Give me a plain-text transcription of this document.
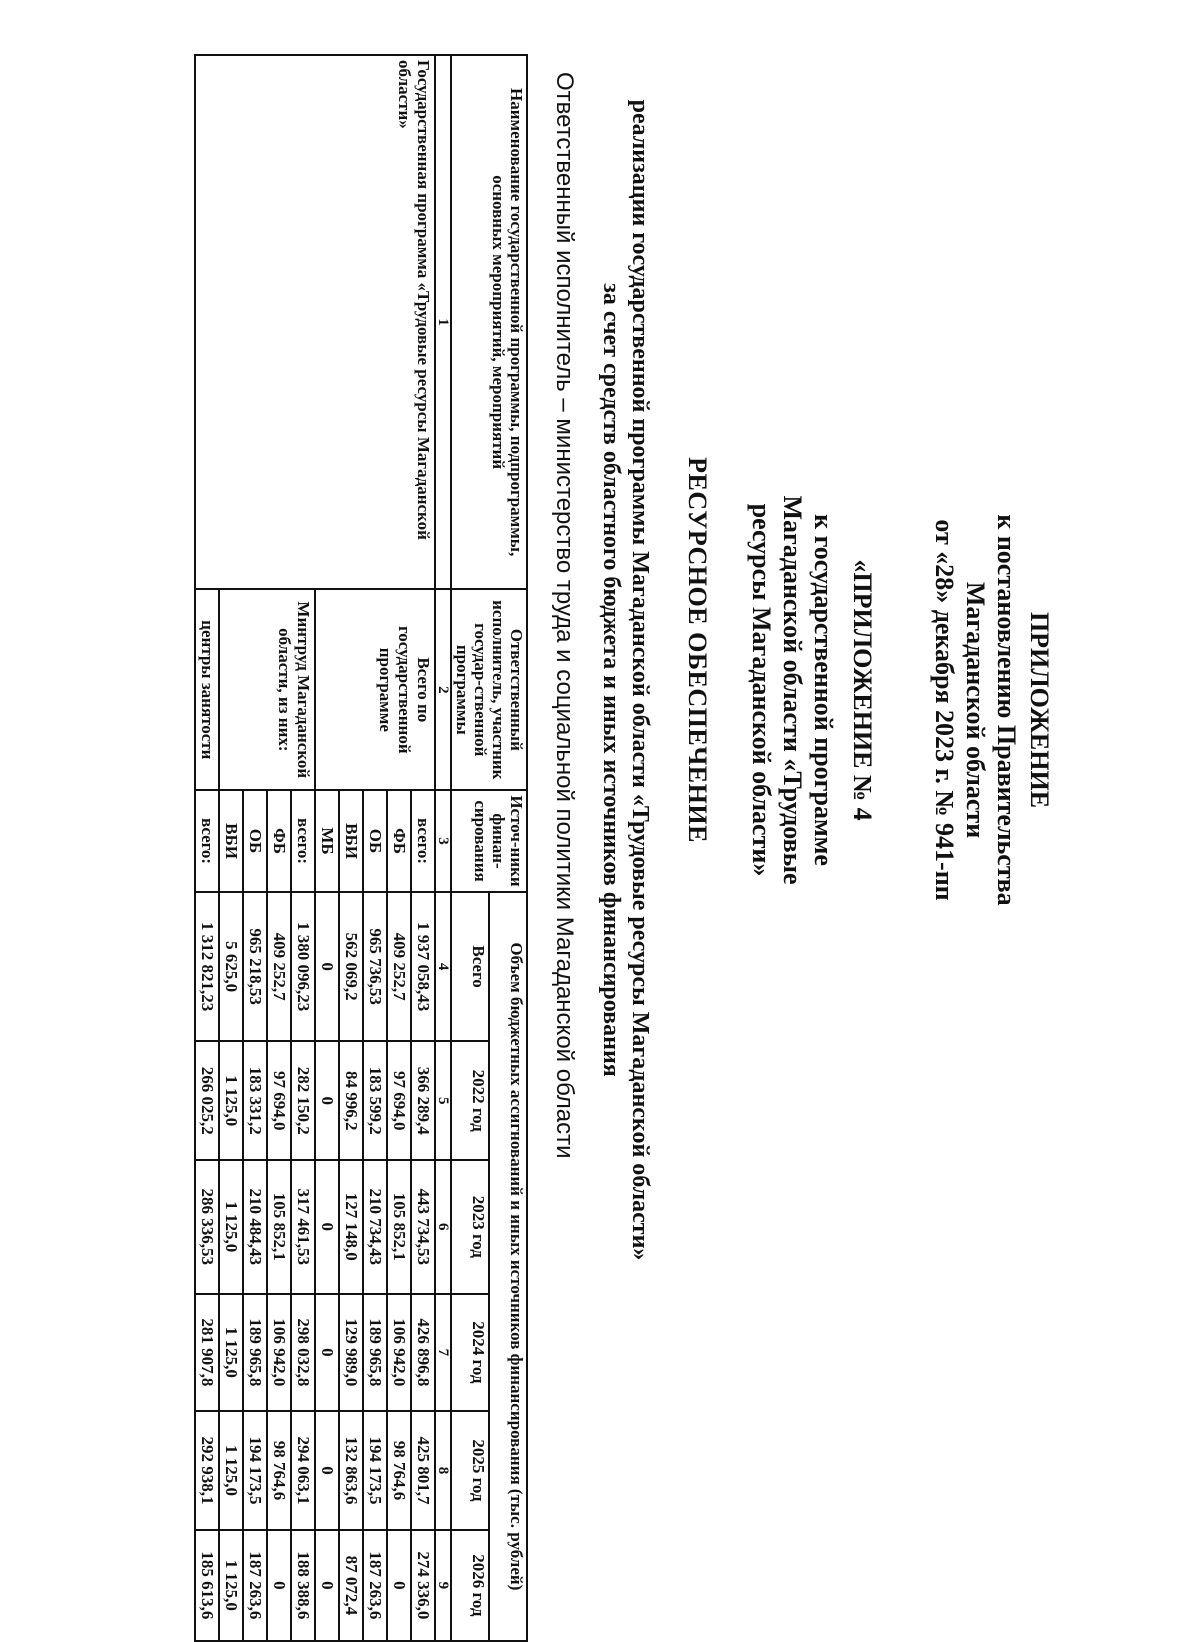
ПРИЛОЖЕНИЕ
к постановлению Правительства
Магаданской области
от «28» декабря 2023 г. № 941-пп
«ПРИЛОЖЕНИЕ № 4
к государственной программе
Магаданской области «Трудовые
ресурсы Магаданской области»
РЕСУРСНОЕ ОБЕСПЕЧЕНИЕ
реализации государственной программы Магаданской области «Трудовые ресурсы Магаданской области»
за счет средств областного бюджета и иных источников финансирования
Ответственный исполнитель – министерство труда и социальной политики Магаданской области
Наименование государственной программы, подпрограммы, основных мероприятий, мероприятий	Ответственный исполнитель, участник государ-ственной программы	Источ-ники финан-сирования	Объем бюджетных ассигнований и иных источников финансирования (тыс. рублей)					
			Всего	2022 год	2023 год	2024 год	2025 год	2026 год
1	2	3	4	5	6	7	8	9
Государственная программа «Трудовые ресурсы Магаданской области»	Всего по государственной программе	всего:	1 937 058,43	366 289,4	443 734,53	426 896,8	425 801,7	274 336,0
		ФБ	409 252,7	97 694,0	105 852,1	106 942,0	98 764,6	0
		ОБ	965 736,53	183 599,2	210 734,43	189 965,8	194 173,5	187 263,6
		ВБИ	562 069,2	84 996,2	127 148,0	129 989,0	132 863,6	87 072,4
		МБ	0	0	0	0	0	0
	Минтруд Магаданской области, из них:	всего:	1 380 096,23	282 150,2	317 461,53	298 032,8	294 063,1	188 388,6
		ФБ	409 252,7	97 694,0	105 852,1	106 942,0	98 764,6	0
		ОБ	965 218,53	183 331,2	210 484,43	189 965,8	194 173,5	187 263,6
		ВБИ	5 625,0	1 125,0	1 125,0	1 125,0	1 125,0	1 125,0
	центры занятости	всего:	1 312 821,23	266 025,2	286 336,53	281 907,8	292 938,1	185 613,6
